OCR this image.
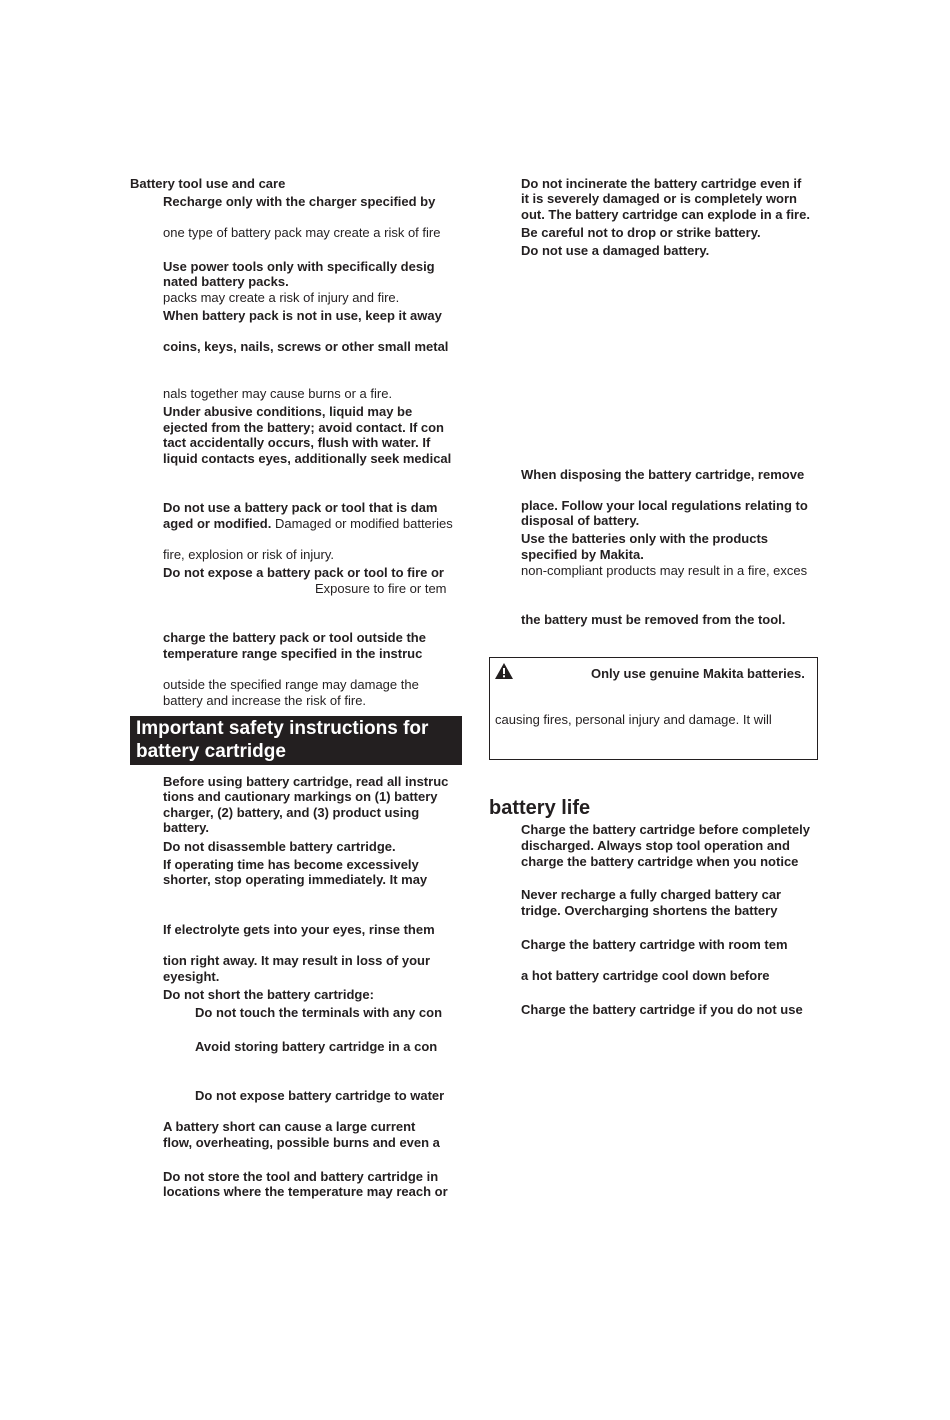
Battery tool use and care
Recharge only with the charger specified by
one type of battery pack may create a risk of fire
Use power tools only with specifically desig
nated battery packs.
packs may create a risk of injury and fire.
When battery pack is not in use, keep it away
coins, keys, nails, screws or other small metal
nals together may cause burns or a fire.
Under abusive conditions, liquid may be
ejected from the battery; avoid contact. If con
tact accidentally occurs, flush with water. If
liquid contacts eyes, additionally seek medical
Do not use a battery pack or tool that is dam
aged or modified. Damaged or modified batteries
fire, explosion or risk of injury.
Do not expose a battery pack or tool to fire or
Exposure to fire or tem
charge the battery pack or tool outside the
temperature range specified in the instruc
outside the specified range may damage the
battery and increase the risk of fire.
Important safety instructions for
battery cartridge
Before using battery cartridge, read all instruc
tions and cautionary markings on (1) battery
charger, (2) battery, and (3) product using
battery.
Do not disassemble battery cartridge.
If operating time has become excessively
shorter, stop operating immediately. It may
If electrolyte gets into your eyes, rinse them
tion right away. It may result in loss of your
eyesight.
Do not short the battery cartridge:
Do not touch the terminals with any con
Avoid storing battery cartridge in a con
Do not expose battery cartridge to water
A battery short can cause a large current
flow, overheating, possible burns and even a
Do not store the tool and battery cartridge in
locations where the temperature may reach or
Do not incinerate the battery cartridge even if
it is severely damaged or is completely worn
out. The battery cartridge can explode in a fire.
Be careful not to drop or strike battery.
Do not use a damaged battery.
When disposing the battery cartridge, remove
place. Follow your local regulations relating to
disposal of battery.
Use the batteries only with the products
specified by Makita.
non-compliant products may result in a fire, exces
the battery must be removed from the tool.
Only use genuine Makita batteries.
causing fires, personal injury and damage. It will
battery life
Charge the battery cartridge before completely
discharged. Always stop tool operation and
charge the battery cartridge when you notice
Never recharge a fully charged battery car
tridge. Overcharging shortens the battery
Charge the battery cartridge with room tem
a hot battery cartridge cool down before
Charge the battery cartridge if you do not use
